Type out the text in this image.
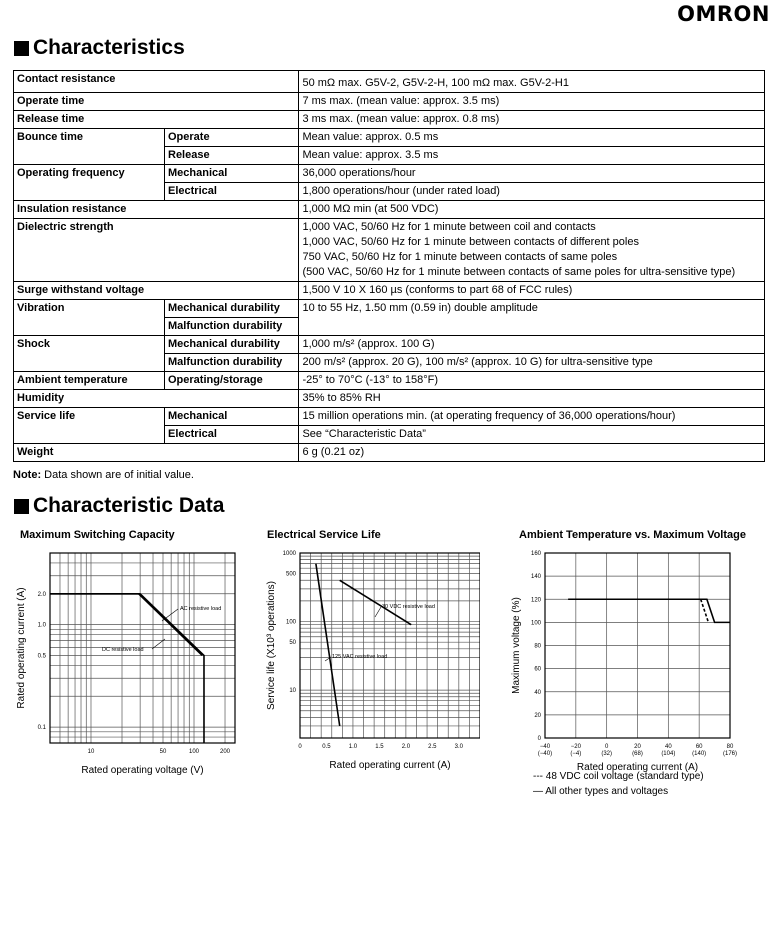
OMRON
Characteristics
Contact resistance		50 mΩ max. G5V-2, G5V-2-H, 100 mΩ max. G5V-2-H1

Operate time		7 ms max. (mean value: approx. 3.5 ms)

Release time		3 ms max. (mean value: approx. 0.8 ms)

Bounce time	Operate	Mean value: approx. 0.5 ms
	Release	Mean value: approx. 3.5 ms
Operating frequency	Mechanical	36,000 operations/hour
	Electrical	1,800 operations/hour (under rated load)
Insulation resistance		1,000 MΩ min (at 500 VDC)

Dielectric strength		1,000 VAC, 50/60 Hz for 1 minute between coil and contacts
1,000 VAC, 50/60 Hz for 1 minute between contacts of different poles
750 VAC, 50/60 Hz for 1 minute between contacts of same poles
(500 VAC, 50/60 Hz for 1 minute between contacts of same poles for ultra-sensitive type)

Surge withstand voltage		1,500 V 10 X 160 µs (conforms to part 68 of FCC rules)

Vibration	Mechanical durability	10 to 55 Hz, 1.50 mm (0.59 in) double amplitude
	Malfunction durability	
Shock	Mechanical durability	1,000 m/s² (approx. 100 G)
	Malfunction durability	200 m/s² (approx. 20 G), 100 m/s² (approx. 10 G) for ultra-sensitive type
Ambient temperature	Operating/storage	-25° to 70°C (-13° to 158°F)
Humidity		35% to 85% RH

Service life	Mechanical	15 million operations min. (at operating frequency of 36,000 operations/hour)
	Electrical	See “Characteristic Data”
Weight		6 g (0.21 oz)
Note: Data shown are of initial value.
Characteristic Data
Maximum Switching Capacity	Electrical Service Life	Ambient Temperature vs. Maximum Voltage
10	50	100	200
0.1
0.5
1.0
2.0
Rated operating voltage (V)
Rated operating current (A)	AC resistive load
DC resistive load
0	0.5	1.0	1.5	2.0	2.5	3.0
10
50
100
500
1000
Rated operating current (A)
Service life (X10³ operations)	30 VDC resistive load
125 VAC resistive load
−40
(−40)
−20
(−4)
0
(32)
20
(68)
40
(104)
60
(140)
80
(176)
0
20
40
60
80
100
120
140
160
Rated operating current (A)
Maximum voltage (%)
--- 48 VDC coil voltage (standard type)
— All other types and voltages
